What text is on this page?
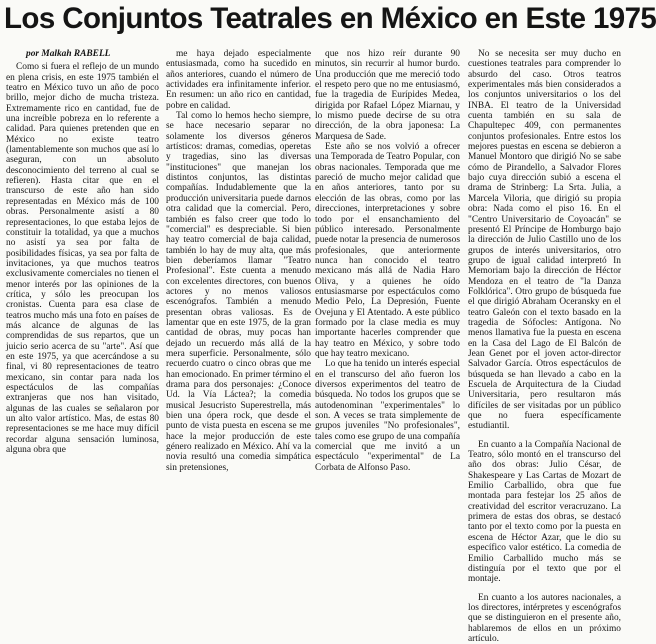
Los Conjuntos Teatrales en México en Este 1975
por Malkah RABELL

Como si fuera el reflejo de un mundo en plena crisis, en este 1975 también el teatro en México tuvo un año de poco brillo, mejor dicho de mucha tristeza. Extremamente rico en cantidad, fue de una increíble pobreza en lo referente a calidad. Para quienes pretenden que en México no existe teatro (lamentablemente son muchos que así lo aseguran, con un absoluto desconocimiento del terreno al cual se refieren). Hasta citar que en el transcurso de este año han sido representadas en México más de 100 obras. Personalmente asistí a 80 representaciones, lo que estaba lejos de constituir la totalidad, ya que a muchos no asistí ya sea por falta de posibilidades físicas, ya sea por falta de invitaciones, ya que muchos teatros exclusivamente comerciales no tienen el menor interés por las opiniones de la crítica, y sólo les preocupan los cronistas. Cuenta para esa clase de teatros mucho más una foto en países de más alcance de algunas de las comprendidas de sus repartos, que un juicio serio acerca de su "arte". Así que en este 1975, ya que acercándose a su final, vi 80 representaciones de teatro mexicano, sin contar para nada los espectáculos de las compañías extranjeras que nos han visitado, algunas de las cuales se señalaron por un alto valor artístico. Mas, de estas 80 representaciones se me hace muy difícil recordar alguna sensación luminosa, alguna obra que

me haya dejado especialmente entusiasmada, como ha sucedido en años anteriores, cuando el número de actividades era infinitamente inferior. En resumen: un año rico en cantidad, pobre en calidad.

Tal como lo hemos hecho siempre, se hace necesario separar no solamente los diversos géneros artísticos: dramas, comedias, operetas y tragedias, sino las diversas "instituciones" que manejan los distintos conjuntos, las distintas compañías. Indudablemente que la producción universitaria puede darnos otra calidad que la comercial. Pero, también es falso creer que todo lo "comercial" es despreciable. Si bien hay teatro comercial de baja calidad, también lo hay de muy alta, que más bien deberíamos llamar "Teatro Profesional". Este cuenta a menudo con excelentes directores, con buenos actores y no menos valiosos escenógrafos. También a menudo presentan obras valiosas. Es de lamentar que en este 1975, de la gran cantidad de obras, muy pocas han dejado un recuerdo más allá de la mera superficie. Personalmente, sólo recuerdo cuatro o cinco obras que me han emocionado. En primer término el drama para dos personajes: ¿Conoce Ud. la Vía Láctea?; la comedia musical Jesucristo Superestrella, más bien una ópera rock, que desde el punto de vista puesta en escena se me hace la mejor producción de este género realizado en México. Ahí va la novia resultó una comedia simpática sin pretensiones,

que nos hizo reír durante 90 minutos, sin recurrir al humor burdo. Una producción que me mereció todo el respeto pero que no me entusiasmó, fue la tragedia de Eurípides Medea, dirigida por Rafael López Miarnau, y lo mismo puede decirse de su otra dirección, de la obra japonesa: La Marquesa de Sade.

Este año se nos volvió a ofrecer una Temporada de Teatro Popular, con obras nacionales. Temporada que me pareció de mucho mejor calidad que en años anteriores, tanto por su elección de las obras, como por las direcciones, interpretaciones y sobre todo por el ensanchamiento del público interesado. Personalmente puede notar la presencia de numerosos profesionales, que anteriormente nunca han conocido el teatro mexicano más allá de Nadia Haro Oliva, y a quienes he oído entusiasmarse por espectáculos como Medio Pelo, La Depresión, Fuente Ovejuna y El Atentado. A este público formado por la clase media es muy importante hacerles comprender que hay teatro en México, y sobre todo que hay teatro mexicano.

Lo que ha tenido un interés especial en el transcurso del año fueron los diversos experimentos del teatro de búsqueda. No todos los grupos que se autodenominan "experimentales" lo son. A veces se trata simplemente de grupos juveniles "No profesionales", tales como ese grupo de una compañía comercial que me invitó a un espectáculo "experimental" de La Corbata de Alfonso Paso.

No se necesita ser muy ducho en cuestiones teatrales para comprender lo absurdo del caso. Otros teatros experimentales más bien considerados a los conjuntos universitarios o los del INBA. El teatro de la Universidad cuenta también en su sala de Chapultepec 409, con permanentes conjuntos profesionales. Entre estos los mejores puestas en escena se debieron a Manuel Montoro que dirigió No se sabe cómo de Pirandello, a Salvador Flores bajo cuya dirección subió a escena el drama de Strinberg: La Srta. Julia, a Marcela Viloria, que dirigió su propia obra: Nada como el piso 16. En el "Centro Universitario de Coyoacán" se presentó El Príncipe de Homburgo bajo la dirección de Julio Castillo uno de los grupos de interés universitarios, otro grupo de igual calidad interpretó In Memoriam bajo la dirección de Héctor Mendoza en el teatro de "la Danza Folklórica". Otro grupo de búsqueda fue el que dirigió Abraham Oceransky en el teatro Galeón con el texto basado en la tragedia de Sófocles: Antígona. No menos llamativa fue la puesta en escena en la Casa del Lago de El Balcón de Jean Genet por el joven actor-director Salvador García. Otros espectáculos de búsqueda se han llevado a cabo en la Escuela de Arquitectura de la Ciudad Universitaria, pero resultaron más difíciles de ser visitadas por un público que no fuera específicamente estudiantil.

En cuanto a la Compañía Nacional de Teatro, sólo montó en el transcurso del año dos obras: Julio César, de Shakespeare y Las Cartas de Mozart de Emilio Carballido, obra que fue montada para festejar los 25 años de creatividad del escritor veracruzano. La primera de estas dos obras, se destacó tanto por el texto como por la puesta en escena de Héctor Azar, que le dio su específico valor estético. La comedia de Emilio Carballido mucho más se distinguía por el texto que por el montaje.

En cuanto a los autores nacionales, a los directores, intérpretes y escenógrafos que se distinguieron en el presente año, hablaremos de ellos en un próximo artículo.
